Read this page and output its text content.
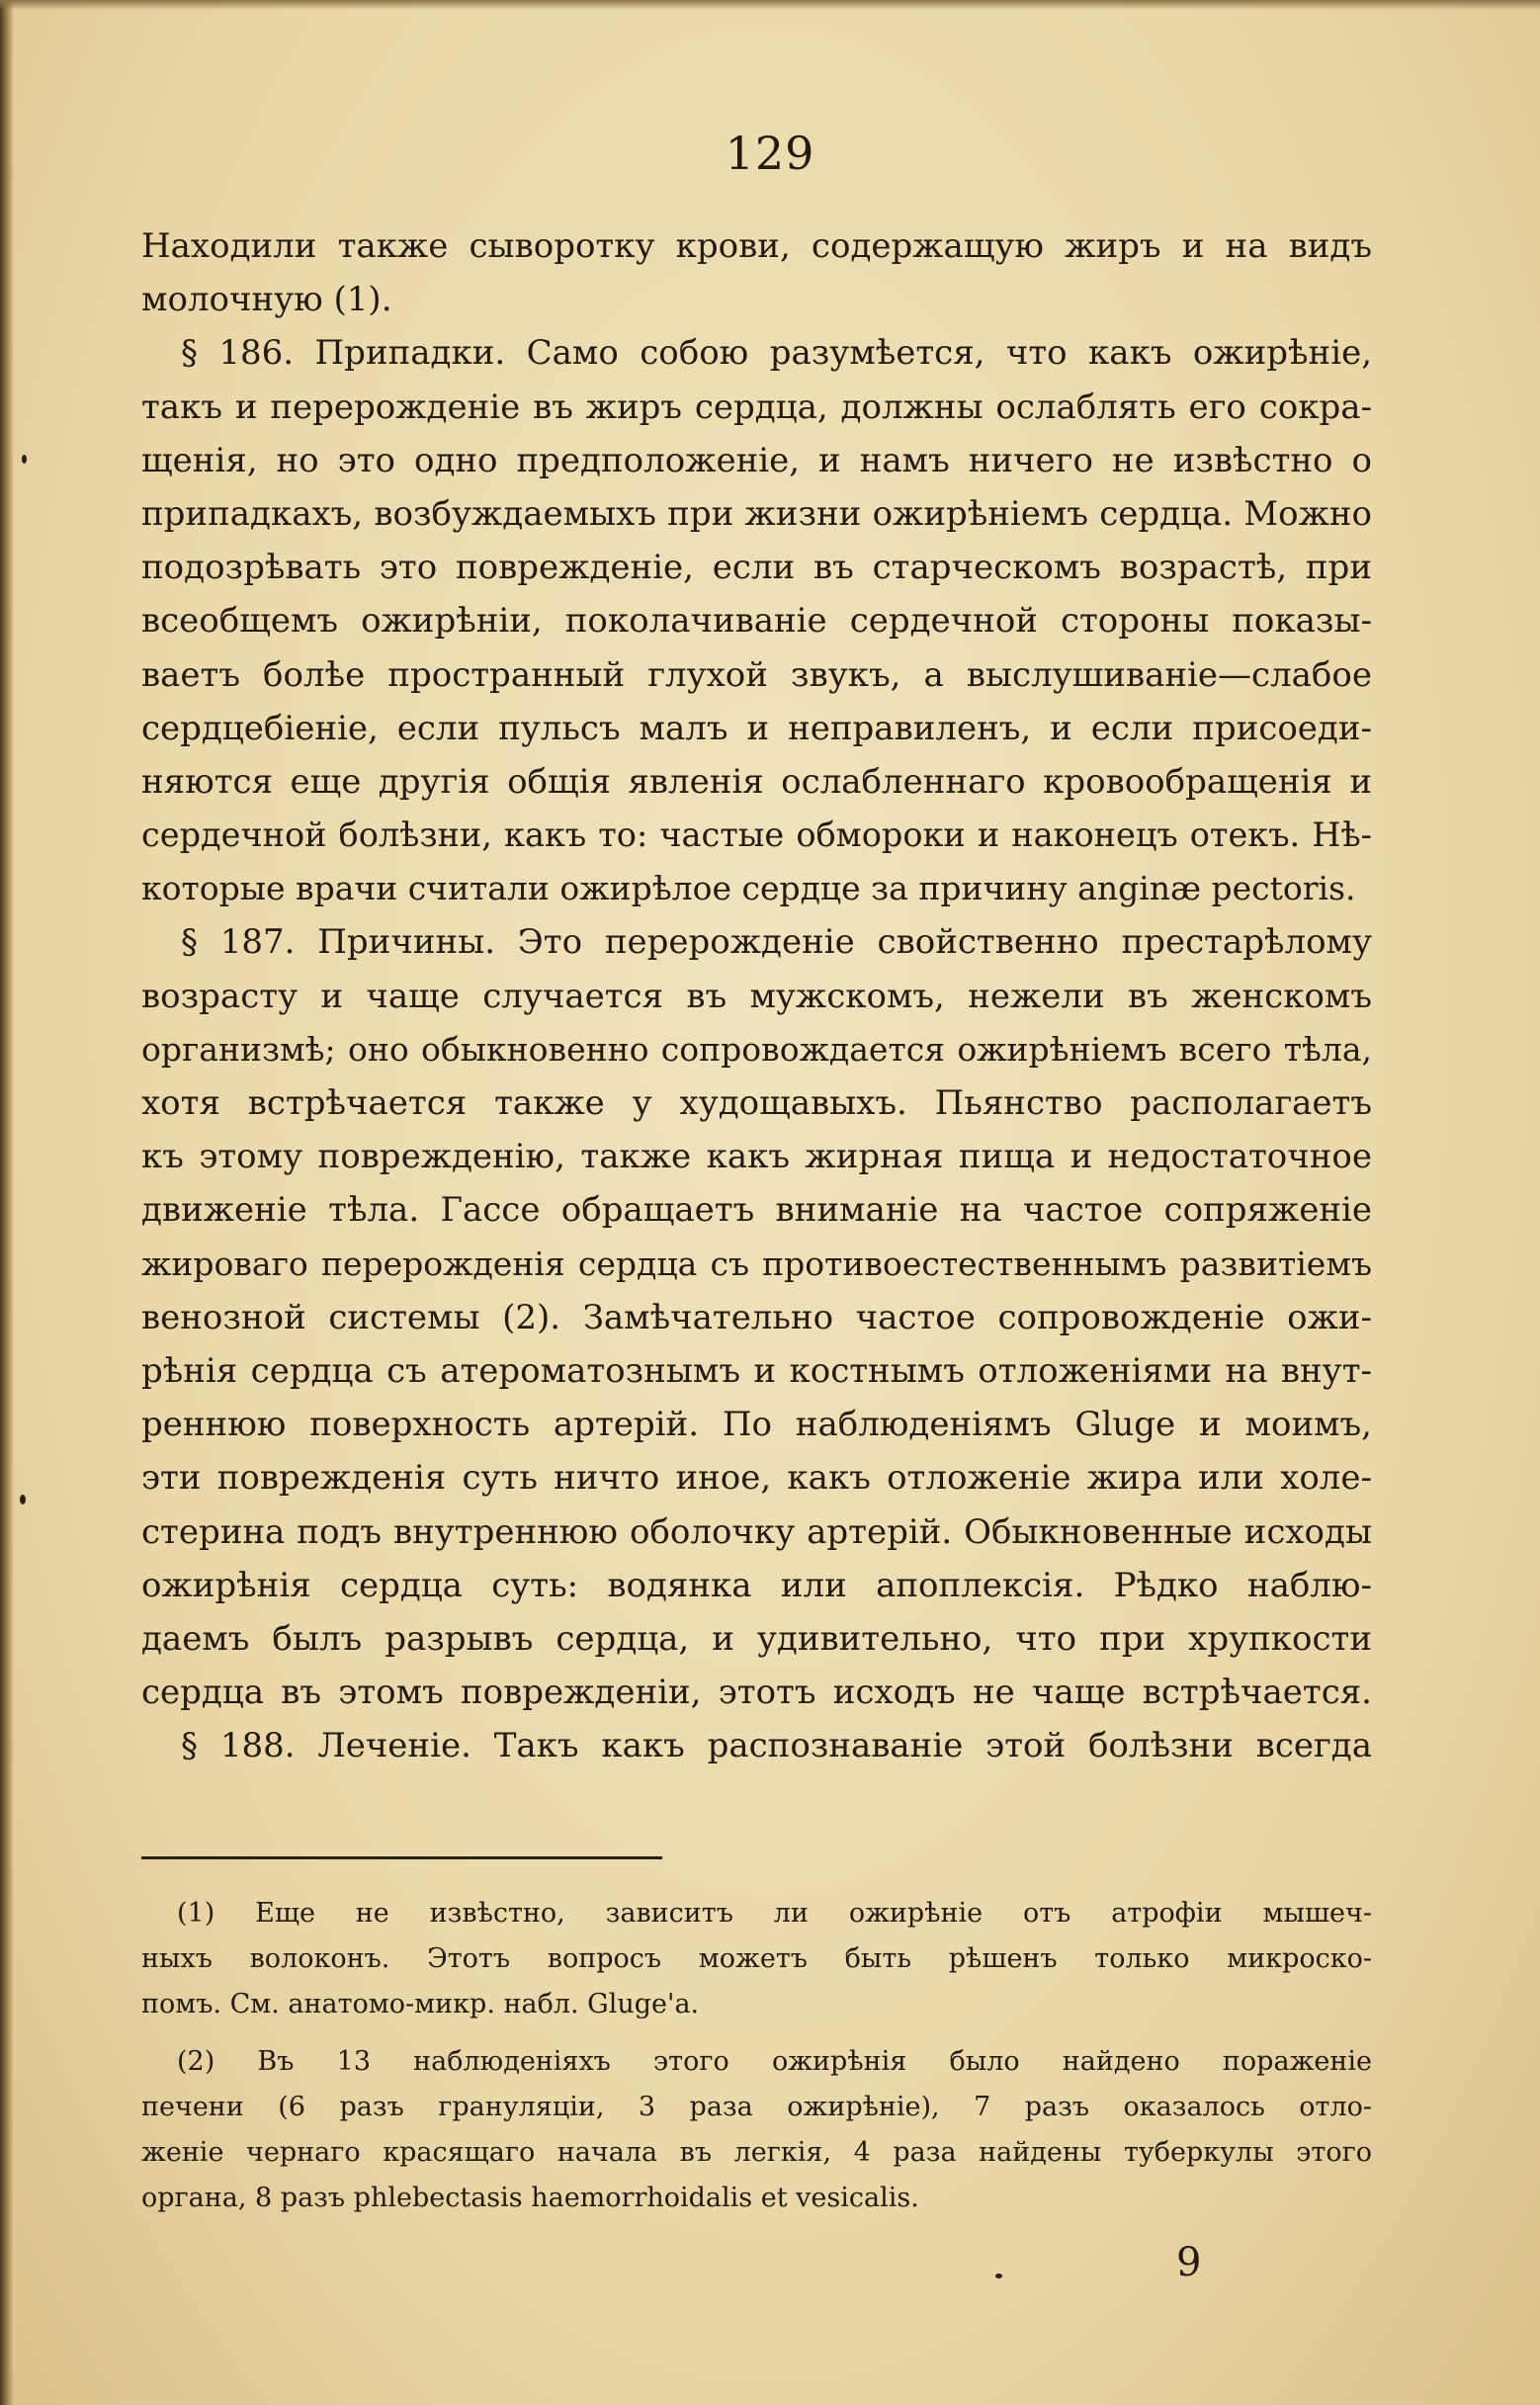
129
Находили также сыворотку крови, содержащую жиръ и на видъ
молочную (1).
§ 186. Припадки. Само собою разумѣется, что какъ ожирѣніе,
такъ и перерожденіе въ жиръ сердца, должны ослаблять его сокра-
щенія, но это одно предположеніе, и намъ ничего не извѣстно о
припадкахъ, возбуждаемыхъ при жизни ожирѣніемъ сердца. Можно
подозрѣвать это поврежденіе, если въ старческомъ возрастѣ, при
всеобщемъ ожирѣніи, поколачиваніе сердечной стороны показы-
ваетъ болѣе пространный глухой звукъ, а выслушиваніе—слабое
сердцебіеніе, если пульсъ малъ и неправиленъ, и если присоеди-
няются еще другія общія явленія ослабленнаго кровообращенія и
сердечной болѣзни, какъ то: частые обмороки и наконецъ отекъ. Нѣ-
которые врачи считали ожирѣлое сердце за причину anginæ pectoris.
§ 187. Причины. Это перерожденіе свойственно престарѣлому
возрасту и чаще случается въ мужскомъ, нежели въ женскомъ
организмѣ; оно обыкновенно сопровождается ожирѣніемъ всего тѣла,
хотя встрѣчается также у худощавыхъ. Пьянство располагаетъ
къ этому поврежденію, также какъ жирная пища и недостаточное
движеніе тѣла. Гассе обращаетъ вниманіе на частое сопряженіе
жироваго перерожденія сердца съ противоестественнымъ развитіемъ
венозной системы (2). Замѣчательно частое сопровожденіе ожи-
рѣнія сердца съ атероматознымъ и костнымъ отложеніями на внут-
реннюю поверхность артерій. По наблюденіямъ Gluge и моимъ,
эти поврежденія суть ничто иное, какъ отложеніе жира или холе-
стерина подъ внутреннюю оболочку артерій. Обыкновенные исходы
ожирѣнія сердца суть: водянка или апоплексія. Рѣдко наблю-
даемъ былъ разрывъ сердца, и удивительно, что при хрупкости
сердца въ этомъ поврежденіи, этотъ исходъ не чаще встрѣчается.
§ 188. Леченіе. Такъ какъ распознаваніе этой болѣзни всегда
(1) Еще не извѣстно, зависитъ ли ожирѣніе отъ атрофіи мышеч-
ныхъ волоконъ. Этотъ вопросъ можетъ быть рѣшенъ только микроско-
помъ. См. анатомо-микр. набл. Gluge'а.
(2) Въ 13 наблюденіяхъ этого ожирѣнія было найдено пораженіе
печени (6 разъ грануляціи, 3 раза ожирѣніе), 7 разъ оказалось отло-
женіе чернаго красящаго начала въ легкія, 4 раза найдены туберкулы этого
органа, 8 разъ phlebectasis haemorrhoidalis et vesicalis.
9
